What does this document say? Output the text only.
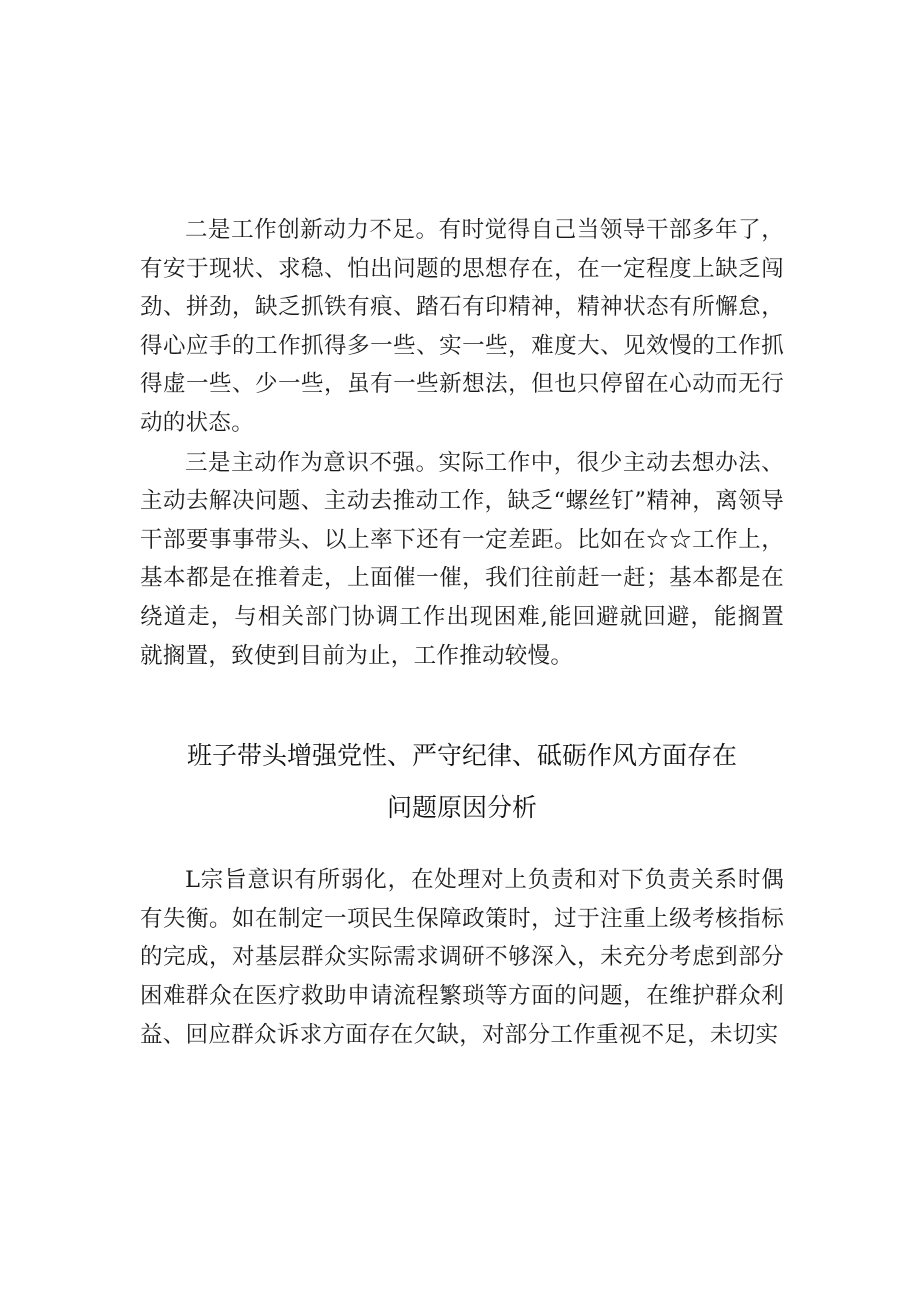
二是工作创新动力不足。有时觉得自己当领导干部多年了，有安于现状、求稳、怕出问题的思想存在，在一定程度上缺乏闯劲、拼劲，缺乏抓铁有痕、踏石有印精神，精神状态有所懈怠，得心应手的工作抓得多一些、实一些，难度大、见效慢的工作抓得虚一些、少一些，虽有一些新想法，但也只停留在心动而无行动的状态。

三是主动作为意识不强。实际工作中，很少主动去想办法、主动去解决问题、主动去推动工作，缺乏“螺丝钉”精神，离领导干部要事事带头、以上率下还有一定差距。比如在☆☆工作上，基本都是在推着走，上面催一催，我们往前赶一赶；基本都是在绕道走，与相关部门协调工作出现困难,能回避就回避，能搁置就搁置，致使到目前为止，工作推动较慢。

班子带头增强党性、严守纪律、砥砺作风方面存在
问题原因分析

L宗旨意识有所弱化，在处理对上负责和对下负责关系时偶有失衡。如在制定一项民生保障政策时，过于注重上级考核指标的完成，对基层群众实际需求调研不够深入，未充分考虑到部分困难群众在医疗救助申请流程繁琐等方面的问题，在维护群众利益、回应群众诉求方面存在欠缺，对部分工作重视不足，未切实
